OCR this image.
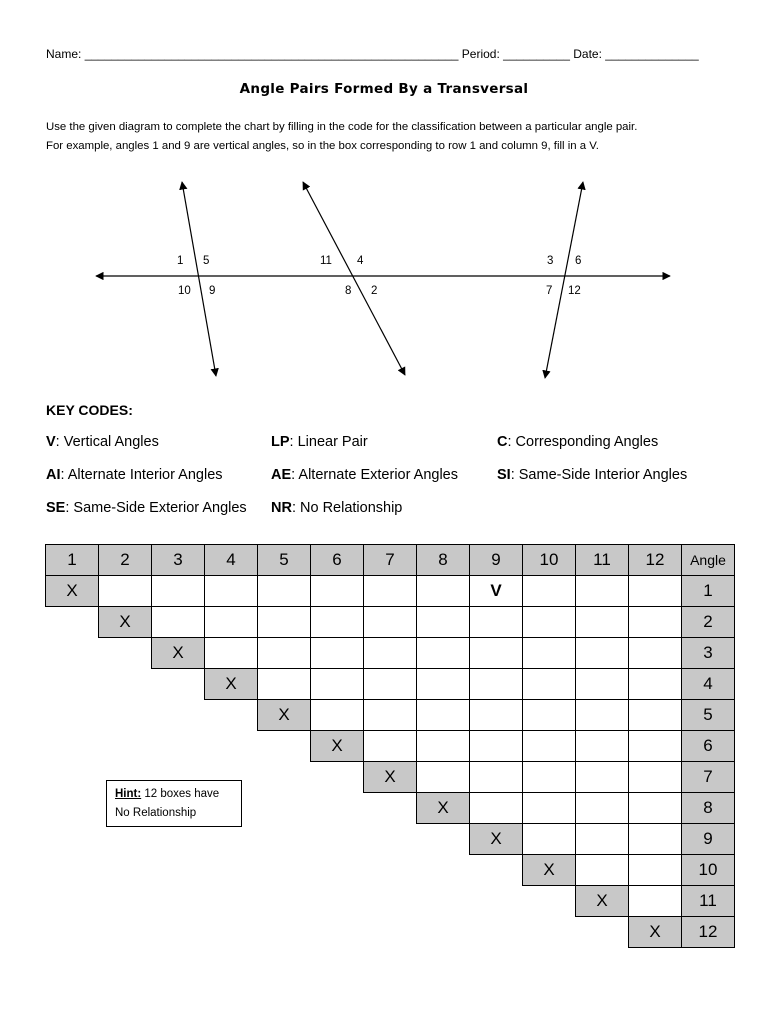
Name: ________________________________________________________ Period: __________ Date: ______________
Angle Pairs Formed By a Transversal

Use the given diagram to complete the chart by filling in the code for the classification between a particular angle pair.

For example, angles 1 and 9 are vertical angles, so in the box corresponding to row 1 and column 9, fill in a V.

1 5
10 9
11 4
8 2
3 6
7 12
KEY CODES:
V: Vertical Angles	LP: Linear Pair	C: Corresponding Angles
AI: Alternate Interior Angles	AE: Alternate Exterior Angles	SI: Same-Side Interior Angles
SE: Same-Side Exterior Angles NR: No Relationship
1	2	3	4	5	6	7	8	9	10	11	12	Angle
X								V				1
	X											2
		X										3
			X									4
				X								5
					X							6
						X						7
							X					8
								X				9
									X			10
										X		11
											X	12
Hint: 12 boxes have
No Relationship
